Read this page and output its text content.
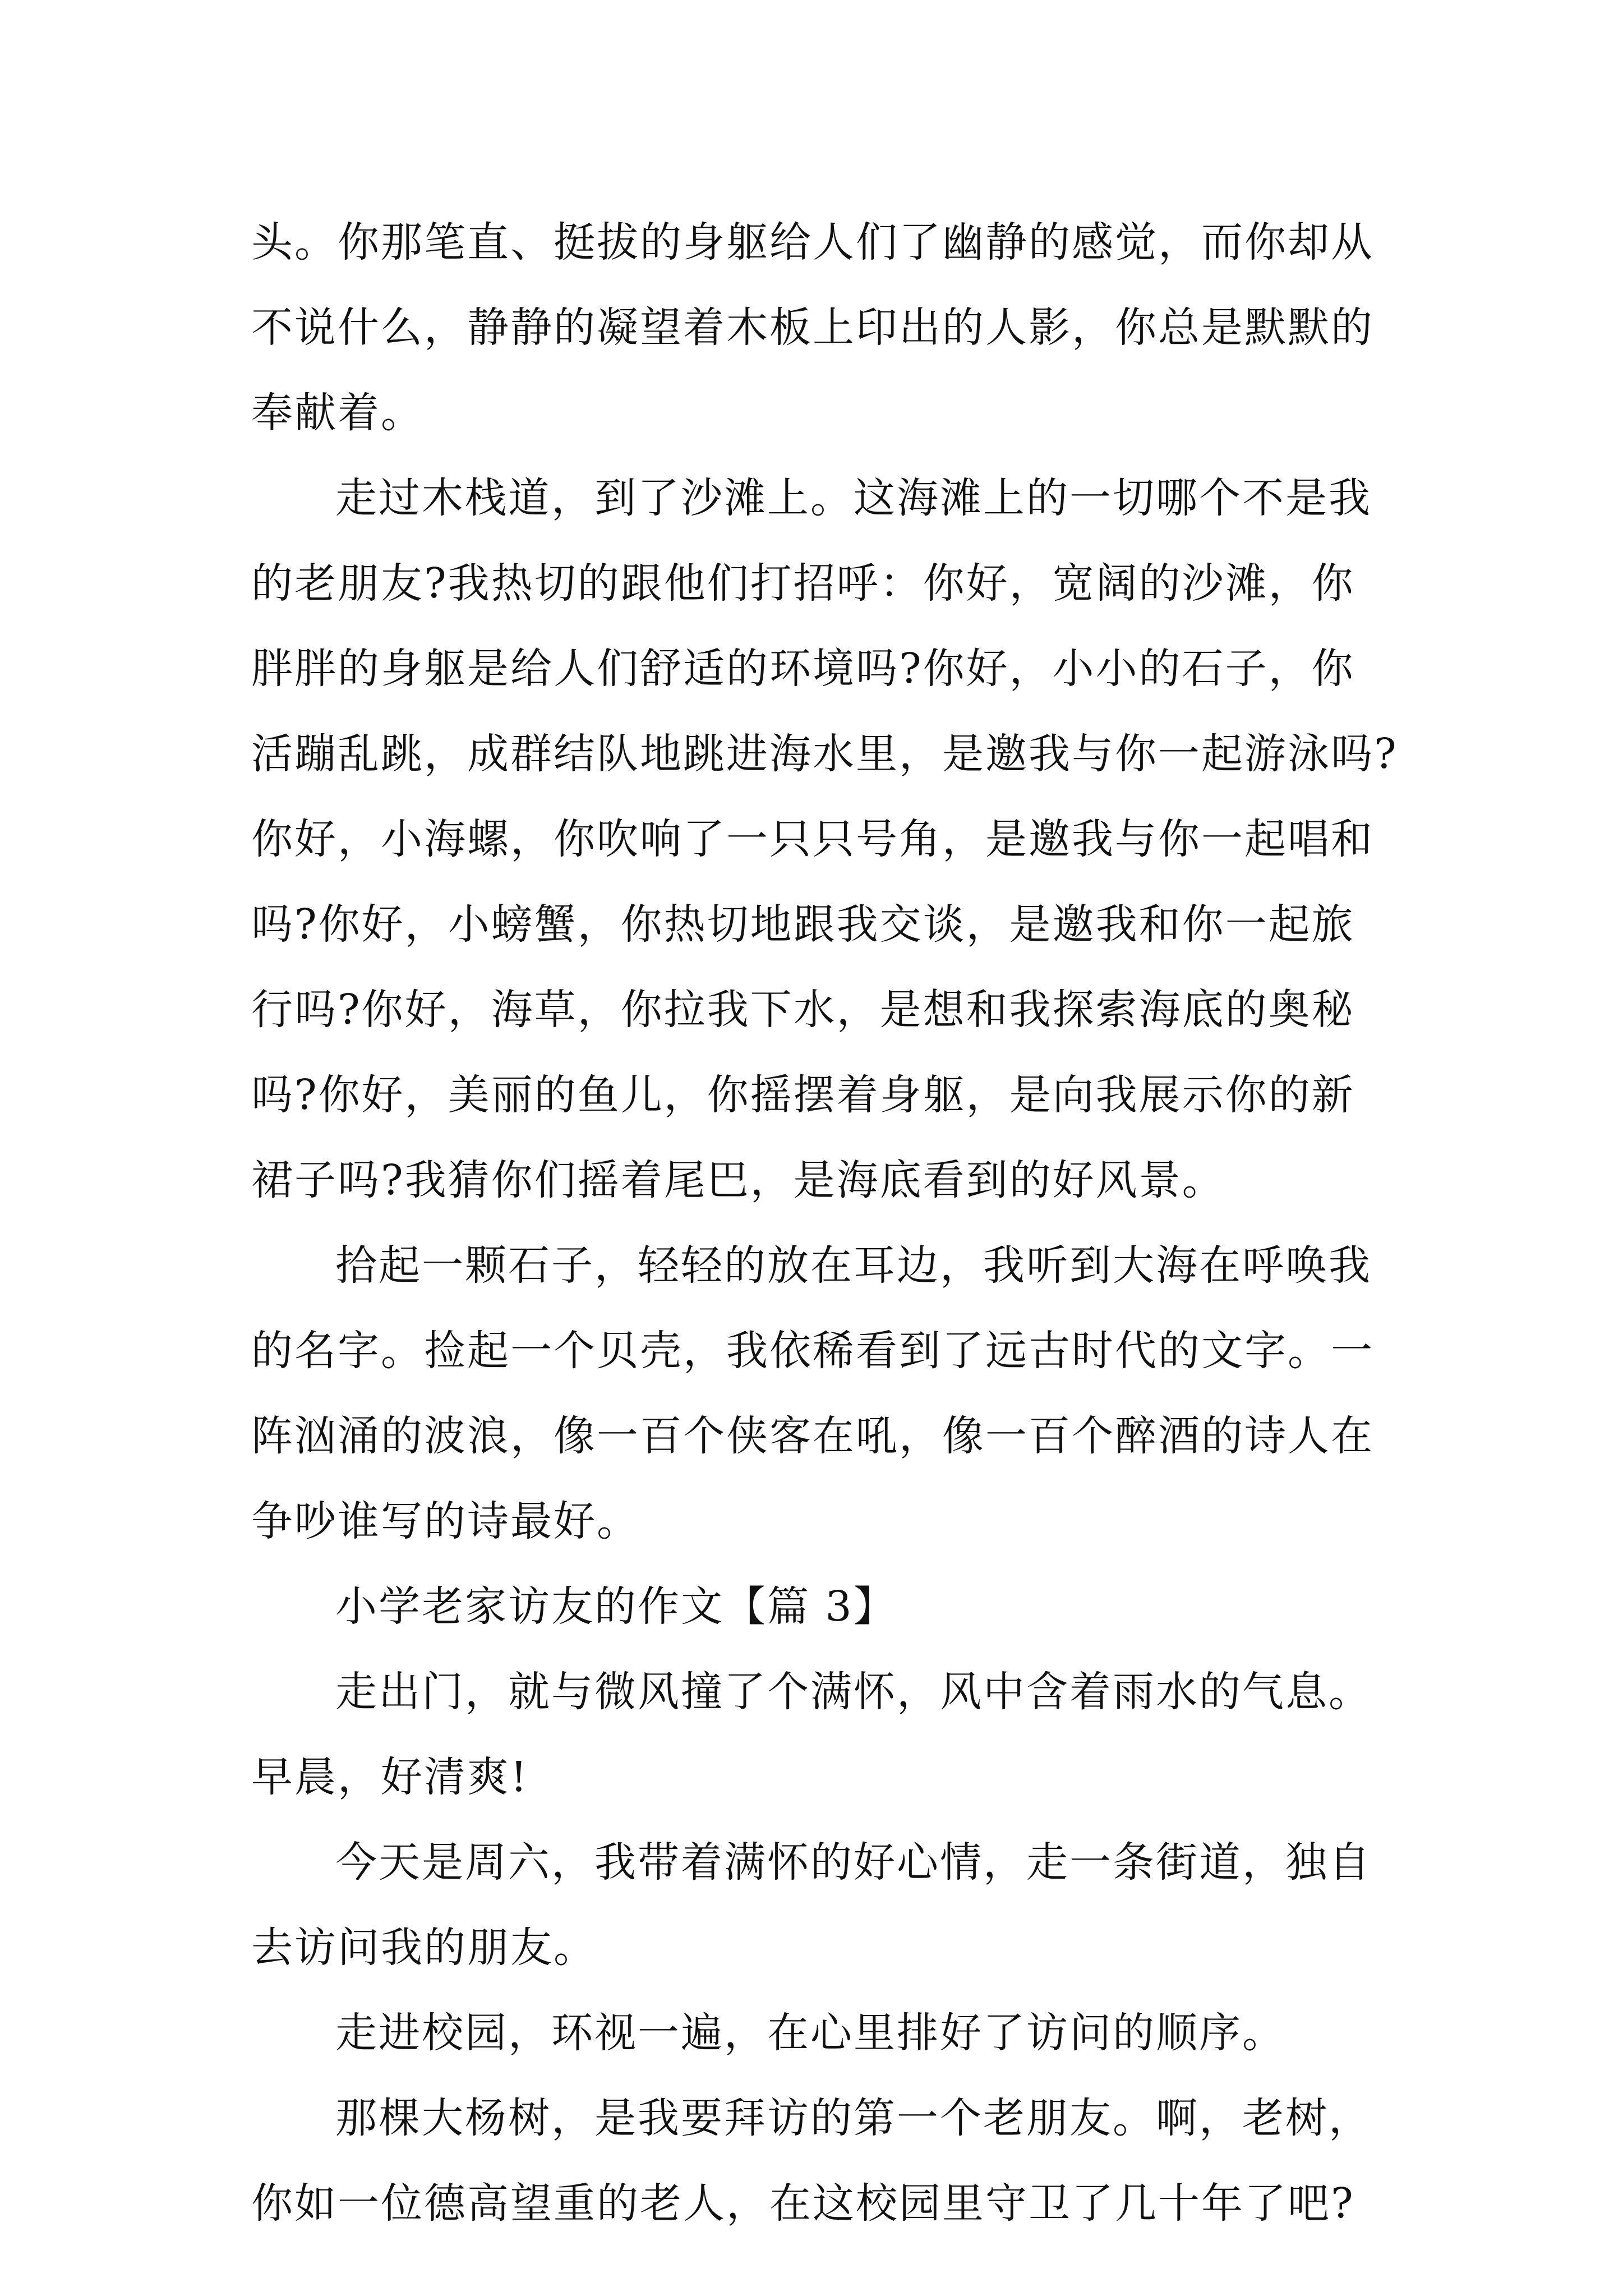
头。你那笔直、挺拔的身躯给人们了幽静的感觉，而你却从
不说什么，静静的凝望着木板上印出的人影，你总是默默的
奉献着。
走过木栈道，到了沙滩上。这海滩上的一切哪个不是我
的老朋友?我热切的跟他们打招呼：你好，宽阔的沙滩，你
胖胖的身躯是给人们舒适的环境吗?你好，小小的石子，你
活蹦乱跳，成群结队地跳进海水里，是邀我与你一起游泳吗?
你好，小海螺，你吹响了一只只号角，是邀我与你一起唱和
吗?你好，小螃蟹，你热切地跟我交谈，是邀我和你一起旅
行吗?你好，海草，你拉我下水，是想和我探索海底的奥秘
吗?你好，美丽的鱼儿，你摇摆着身躯，是向我展示你的新
裙子吗?我猜你们摇着尾巴，是海底看到的好风景。
拾起一颗石子，轻轻的放在耳边，我听到大海在呼唤我
的名字。捡起一个贝壳，我依稀看到了远古时代的文字。一
阵汹涌的波浪，像一百个侠客在吼，像一百个醉酒的诗人在
争吵谁写的诗最好。
小学老家访友的作文【篇 3】
走出门，就与微风撞了个满怀，风中含着雨水的气息。
早晨，好清爽!
今天是周六，我带着满怀的好心情，走一条街道，独自
去访问我的朋友。
走进校园，环视一遍，在心里排好了访问的顺序。
那棵大杨树，是我要拜访的第一个老朋友。啊，老树，
你如一位德高望重的老人，在这校园里守卫了几十年了吧?
